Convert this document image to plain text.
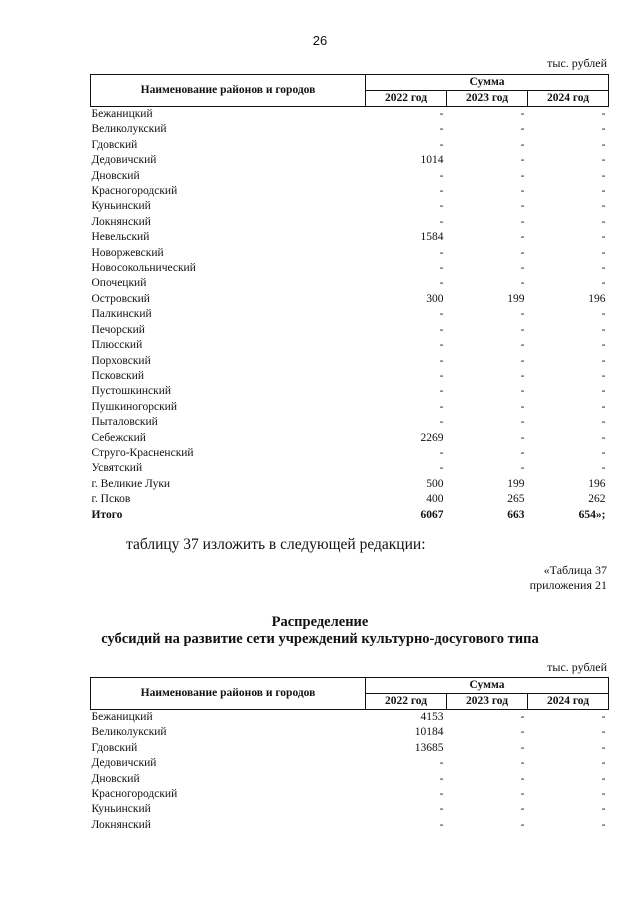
26
тыс. рублей
Наименование районов и городов	Сумма		
	2022 год	2023 год	2024 год
Бежаницкий	-	-	-
Великолукский	-	-	-
Гдовский	-	-	-
Дедовичский	1014	-	-
Дновский	-	-	-
Красногородский	-	-	-
Куньинский	-	-	-
Локнянский	-	-	-
Невельский	1584	-	-
Новоржевский	-	-	-
Новосокольнический	-	-	-
Опочецкий	-	-	-
Островский	300	199	196
Палкинский	-	-	-
Печорский	-	-	-
Плюсский	-	-	-
Порховский	-	-	-
Псковский	-	-	-
Пустошкинский	-	-	-
Пушкиногорский	-	-	-
Пыталовский	-	-	-
Себежский	2269	-	-
Струго-Красненский	-	-	-
Усвятский	-	-	-
г. Великие Луки	500	199	196
г. Псков	400	265	262
Итого	6067	663	654»;
таблицу 37 изложить в следующей редакции:
«Таблица 37
приложения 21
Распределение
субсидий на развитие сети учреждений культурно-досугового типа
тыс. рублей
Наименование районов и городов	Сумма		
	2022 год	2023 год	2024 год
Бежаницкий	4153	-	-
Великолукский	10184	-	-
Гдовский	13685	-	-
Дедовичский	-	-	-
Дновский	-	-	-
Красногородский	-	-	-
Куньинский	-	-	-
Локнянский	-	-	-
